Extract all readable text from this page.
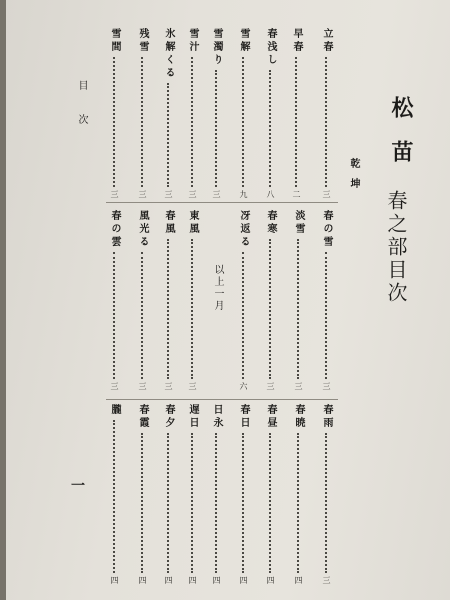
松苗
春之部目次
乾坤
目次
一
以上一月
立春
三
早春
二
春浅し
八
雪解
九
雪濁り
三
雪汁
三
氷解くる
三
残雪
三
雪間
三
春の雪
三
淡雪
三
春寒
三
冴返る
六
東風
三
春風
三
風光る
三
春の雲
三
春雨
三
春暁
四
春昼
四
春日
四
日永
四
遅日
四
春夕
四
春霞
四
朧
四
